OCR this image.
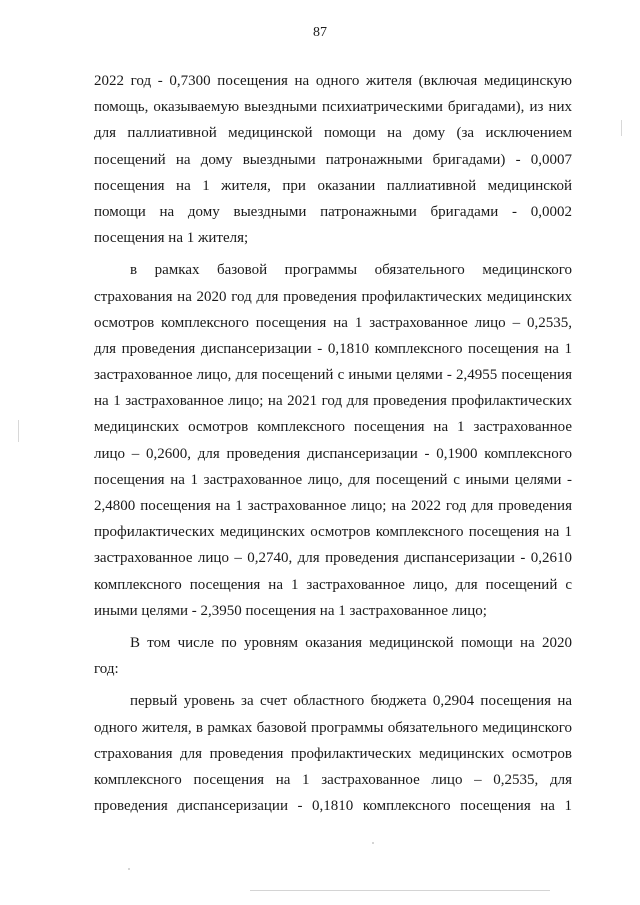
87
2022 год - 0,7300 посещения на одного жителя (включая медицинскую
помощь, оказываемую выездными психиатрическими бригадами), из них
для паллиативной медицинской помощи на дому (за исключением
посещений на дому выездными патронажными бригадами) - 0,0007
посещения на 1 жителя, при оказании паллиативной медицинской
помощи на дому выездными патронажными бригадами - 0,0002
посещения на 1 жителя;
в рамках базовой программы обязательного медицинского
страхования на 2020 год для проведения профилактических медицинских
осмотров комплексного посещения на 1 застрахованное лицо – 0,2535,
для проведения диспансеризации - 0,1810 комплексного посещения на 1
застрахованное лицо, для посещений с иными целями - 2,4955 посещения
на 1 застрахованное лицо; на 2021 год для проведения профилактических
медицинских осмотров комплексного посещения на 1 застрахованное
лицо – 0,2600, для проведения диспансеризации - 0,1900 комплексного
посещения на 1 застрахованное лицо, для посещений с иными целями -
2,4800 посещения на 1 застрахованное лицо; на 2022 год для проведения
профилактических медицинских осмотров комплексного посещения на 1
застрахованное лицо – 0,2740, для проведения диспансеризации - 0,2610
комплексного посещения на 1 застрахованное лицо, для посещений с
иными целями - 2,3950 посещения на 1 застрахованное лицо;
В том числе по уровням оказания медицинской помощи на 2020
год:
первый уровень за счет областного бюджета 0,2904 посещения на
одного жителя, в рамках базовой программы обязательного медицинского
страхования для проведения профилактических медицинских осмотров
комплексного посещения на 1 застрахованное лицо – 0,2535, для
проведения диспансеризации - 0,1810 комплексного посещения на 1
